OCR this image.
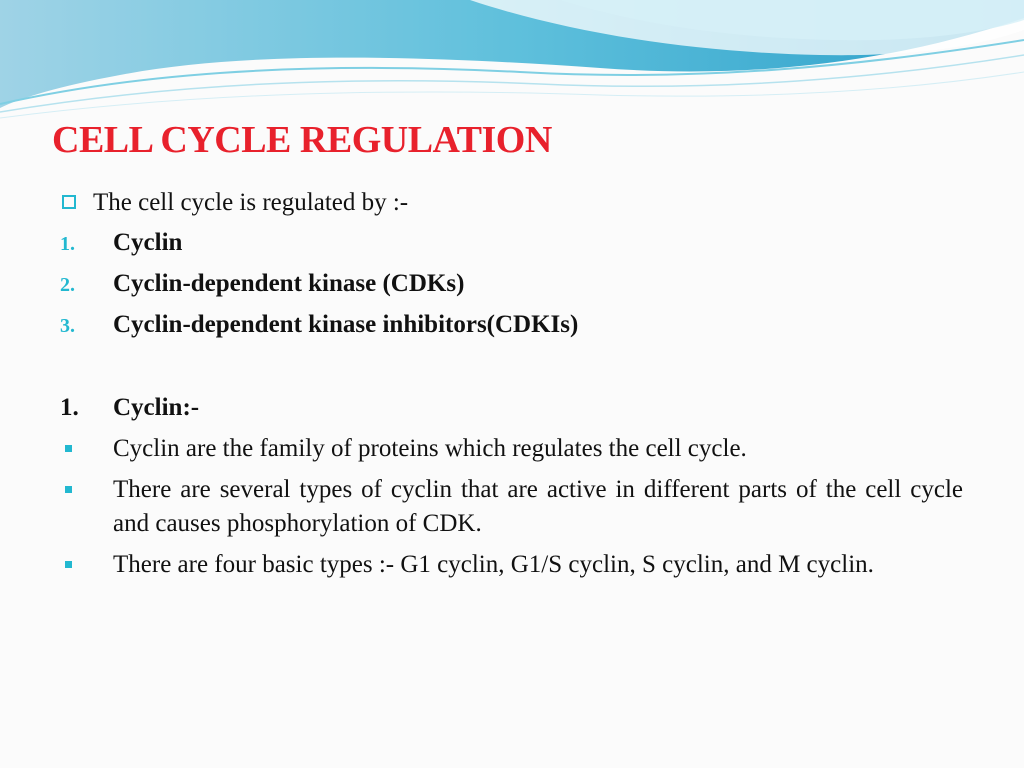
CELL CYCLE REGULATION
The cell cycle is regulated by :-
1. Cyclin
2. Cyclin-dependent kinase (CDKs)
3. Cyclin-dependent kinase inhibitors(CDKIs)
1. Cyclin:-
Cyclin are the family of proteins which regulates the cell cycle.
There are several types of cyclin that are active in different parts of the cell cycle and causes phosphorylation of CDK.
There are four basic types :- G1 cyclin, G1/S cyclin, S cyclin, and M cyclin.
